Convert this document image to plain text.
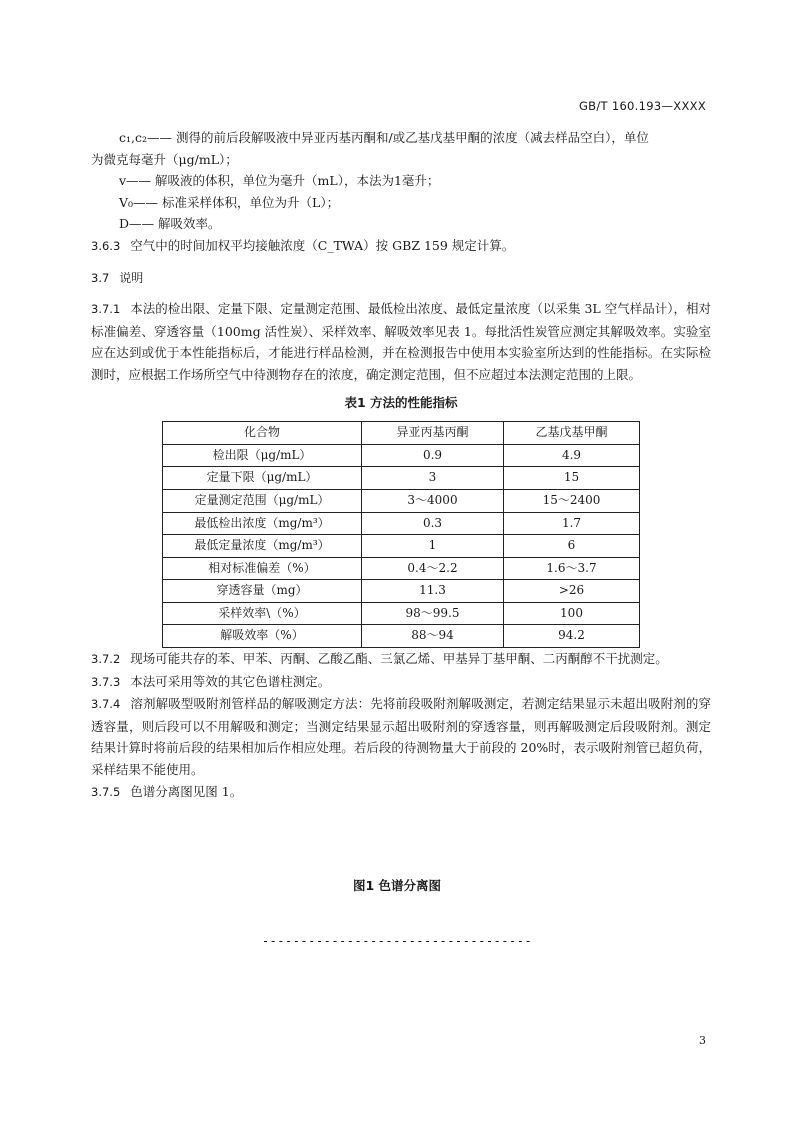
GB/T 160.193—XXXX
c₁,c₂—— 测得的前后段解吸液中异亚丙基丙酮和/或乙基戊基甲酮的浓度（减去样品空白），单位
为微克每毫升（μg/mL）；
v—— 解吸液的体积，单位为毫升（mL），本法为1毫升；
V₀—— 标准采样体积，单位为升（L）；
D—— 解吸效率。
3.6.3 空气中的时间加权平均接触浓度（C_TWA）按 GBZ 159 规定计算。
3.7 说明
3.7.1 本法的检出限、定量下限、定量测定范围、最低检出浓度、最低定量浓度（以采集 3L 空气样品计），相对标准偏差、穿透容量（100mg 活性炭）、采样效率、解吸效率见表 1。每批活性炭管应测定其解吸效率。实验室应在达到或优于本性能指标后，才能进行样品检测，并在检测报告中使用本实验室所达到的性能指标。在实际检测时，应根据工作场所空气中待测物存在的浓度，确定测定范围，但不应超过本法测定范围的上限。
表1 方法的性能指标
化合物	异亚丙基丙酮	乙基戊基甲酮
检出限（μg/mL）	0.9	4.9
定量下限（μg/mL）	3	15
定量测定范围（μg/mL）	3～4000	15～2400
最低检出浓度（mg/m³）	0.3	1.7
最低定量浓度（mg/m³）	1	6
相对标准偏差（%）	0.4～2.2	1.6～3.7
穿透容量（mg）	11.3	>26
采样效率\（%）	98～99.5	100
解吸效率（%）	88～94	94.2
3.7.2 现场可能共存的苯、甲苯、丙酮、乙酸乙酯、三氯乙烯、甲基异丁基甲酮、二丙酮醇不干扰测定。
3.7.3 本法可采用等效的其它色谱柱测定。
3.7.4 溶剂解吸型吸附剂管样品的解吸测定方法：先将前段吸附剂解吸测定，若测定结果显示未超出吸附剂的穿透容量，则后段可以不用解吸和测定；当测定结果显示超出吸附剂的穿透容量，则再解吸测定后段吸附剂。测定结果计算时将前后段的结果相加后作相应处理。若后段的待测物量大于前段的 20%时，表示吸附剂管已超负荷，采样结果不能使用。
3.7.5 色谱分离图见图 1。
图1 色谱分离图
-----------------------------------
3
